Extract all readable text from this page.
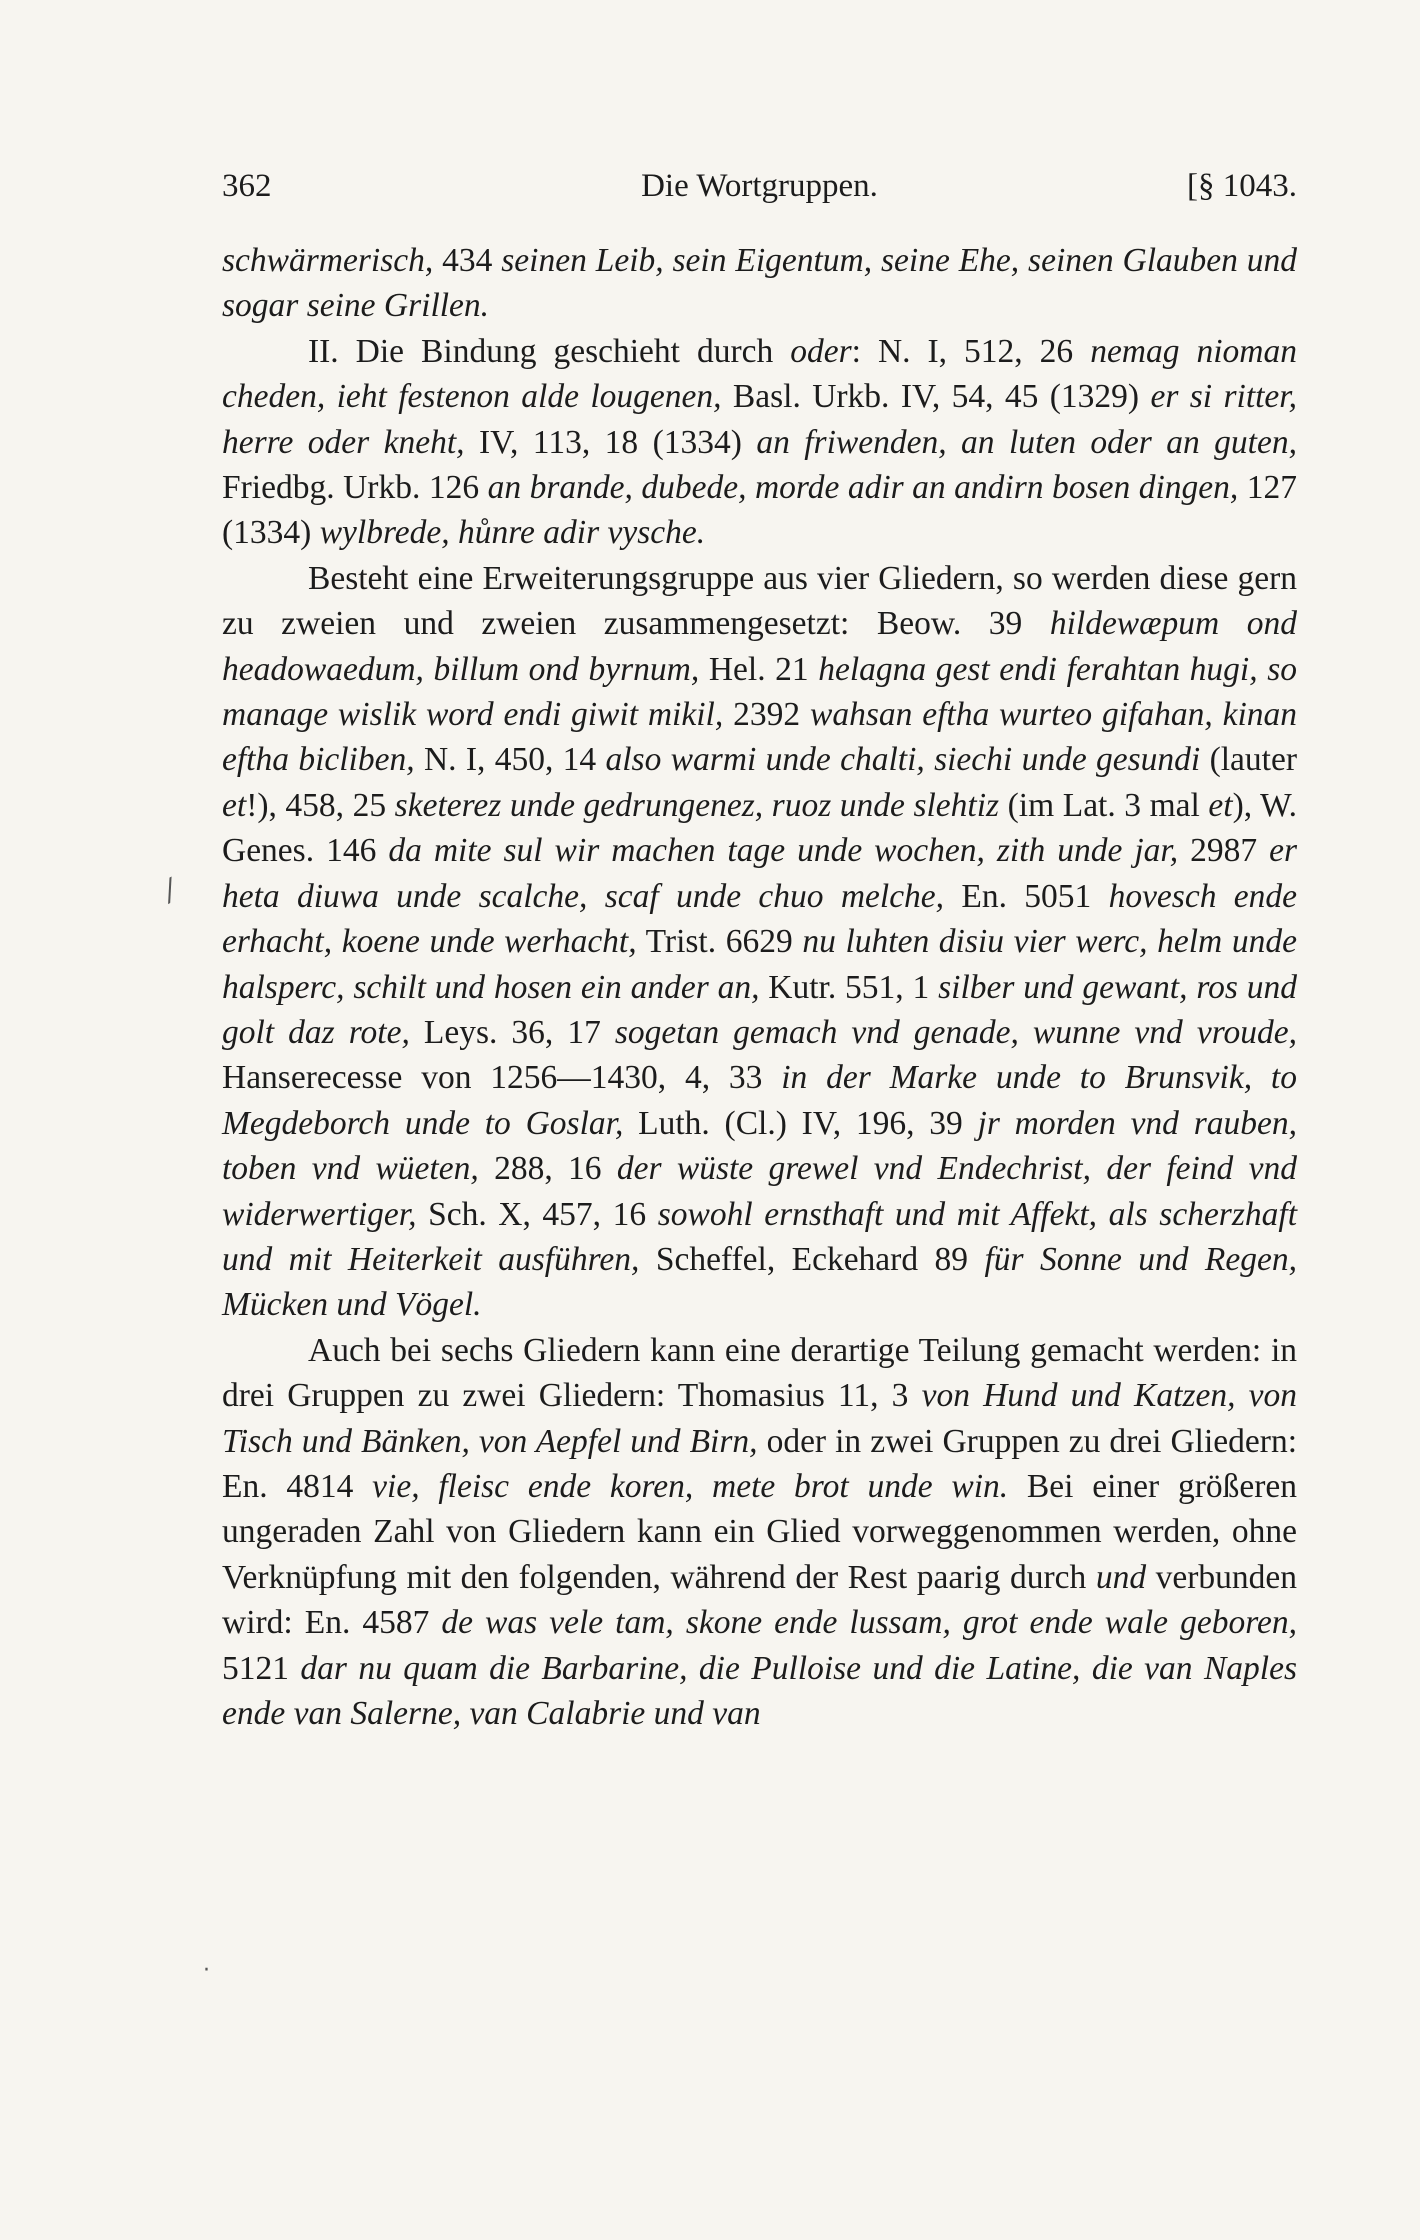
362	Die Wortgruppen.	[§ 1043.
⁄
·

schwärmerisch, 434 seinen Leib, sein Eigentum, seine Ehe, seinen Glauben und sogar seine Grillen.

II. Die Bindung geschieht durch oder: N. I, 512, 26 nemag nioman cheden, ieht festenon alde lougenen, Basl. Urkb. IV, 54, 45 (1329) er si ritter, herre oder kneht, IV, 113, 18 (1334) an friwenden, an luten oder an guten, Friedbg. Urkb. 126 an brande, dubede, morde adir an andirn bosen dingen, 127 (1334) wylbrede, hůnre adir vysche.

Besteht eine Erweiterungsgruppe aus vier Gliedern, so werden diese gern zu zweien und zweien zusammengesetzt: Beow. 39 hildewæpum ond headowaedum, billum ond byrnum, Hel. 21 helagna gest endi ferahtan hugi, so manage wislik word endi giwit mikil, 2392 wahsan eftha wurteo gifahan, kinan eftha bicliben, N. I, 450, 14 also warmi unde chalti, siechi unde gesundi (lauter et!), 458, 25 sketerez unde gedrungenez, ruoz unde slehtiz (im Lat. 3 mal et), W. Genes. 146 da mite sul wir machen tage unde wochen, zith unde jar, 2987 er heta diuwa unde scalche, scaf unde chuo melche, En. 5051 hovesch ende erhacht, koene unde werhacht, Trist. 6629 nu luhten disiu vier werc, helm unde halsperc, schilt und hosen ein ander an, Kutr. 551, 1 silber und gewant, ros und golt daz rote, Leys. 36, 17 sogetan gemach vnd genade, wunne vnd vroude, Hanserecesse von 1256—1430, 4, 33 in der Marke unde to Brunsvik, to Megdeborch unde to Goslar, Luth. (Cl.) IV, 196, 39 jr morden vnd rauben, toben vnd wüeten, 288, 16 der wüste grewel vnd Endechrist, der feind vnd widerwertiger, Sch. X, 457, 16 sowohl ernsthaft und mit Affekt, als scherzhaft und mit Heiterkeit ausführen, Scheffel, Eckehard 89 für Sonne und Regen, Mücken und Vögel.

Auch bei sechs Gliedern kann eine derartige Teilung gemacht werden: in drei Gruppen zu zwei Gliedern: Thomasius 11, 3 von Hund und Katzen, von Tisch und Bänken, von Aepfel und Birn, oder in zwei Gruppen zu drei Gliedern: En. 4814 vie, fleisc ende koren, mete brot unde win. Bei einer größeren ungeraden Zahl von Gliedern kann ein Glied vorweggenommen werden, ohne Verknüpfung mit den folgenden, während der Rest paarig durch und verbunden wird: En. 4587 de was vele tam, skone ende lussam, grot ende wale geboren, 5121 dar nu quam die Barbarine, die Pulloise und die Latine, die van Naples ende van Salerne, van Calabrie und van
